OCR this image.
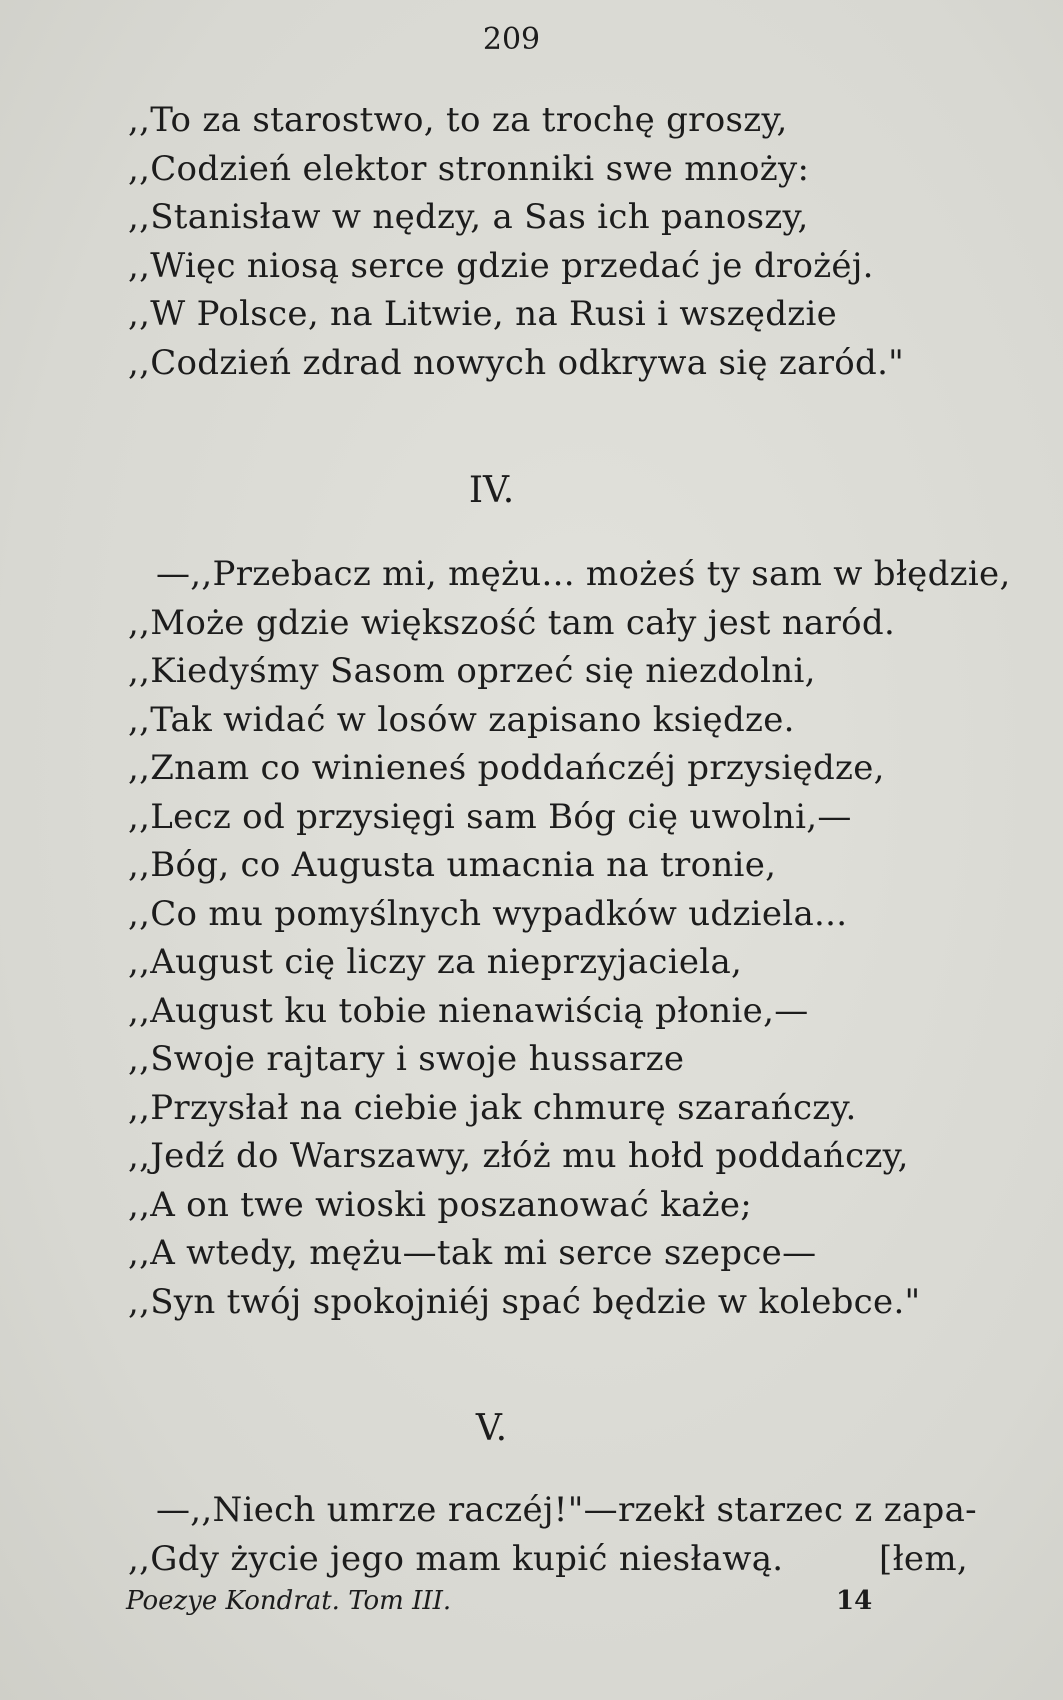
209
,,To za starostwo, to za trochę groszy,
,,Codzień elektor stronniki swe mnoży:
,,Stanisław w nędzy, a Sas ich panoszy,
,,Więc niosą serce gdzie przedać je drożéj.
,,W Polsce, na Litwie, na Rusi i wszędzie
,,Codzień zdrad nowych odkrywa się zaród."
IV.
—,,Przebacz mi, mężu... możeś ty sam w błędzie,
,,Może gdzie większość tam cały jest naród.
,,Kiedyśmy Sasom oprzeć się niezdolni,
,,Tak widać w losów zapisano księdze.
,,Znam co winieneś poddańczéj przysiędze,
,,Lecz od przysięgi sam Bóg cię uwolni,—
,,Bóg, co Augusta umacnia na tronie,
,,Co mu pomyślnych wypadków udziela...
,,August cię liczy za nieprzyjaciela,
,,August ku tobie nienawiścią płonie,—
,,Swoje rajtary i swoje hussarze
,,Przysłał na ciebie jak chmurę szarańczy.
,,Jedź do Warszawy, złóż mu hołd poddańczy,
,,A on twe wioski poszanować każe;
,,A wtedy, mężu—tak mi serce szepce—
,,Syn twój spokojniéj spać będzie w kolebce."
V.
—,,Niech umrze raczéj!"—rzekł starzec z zapa-
,,Gdy życie jego mam kupić niesławą.	[łem,
Poezye Kondrat. Tom III.	14
